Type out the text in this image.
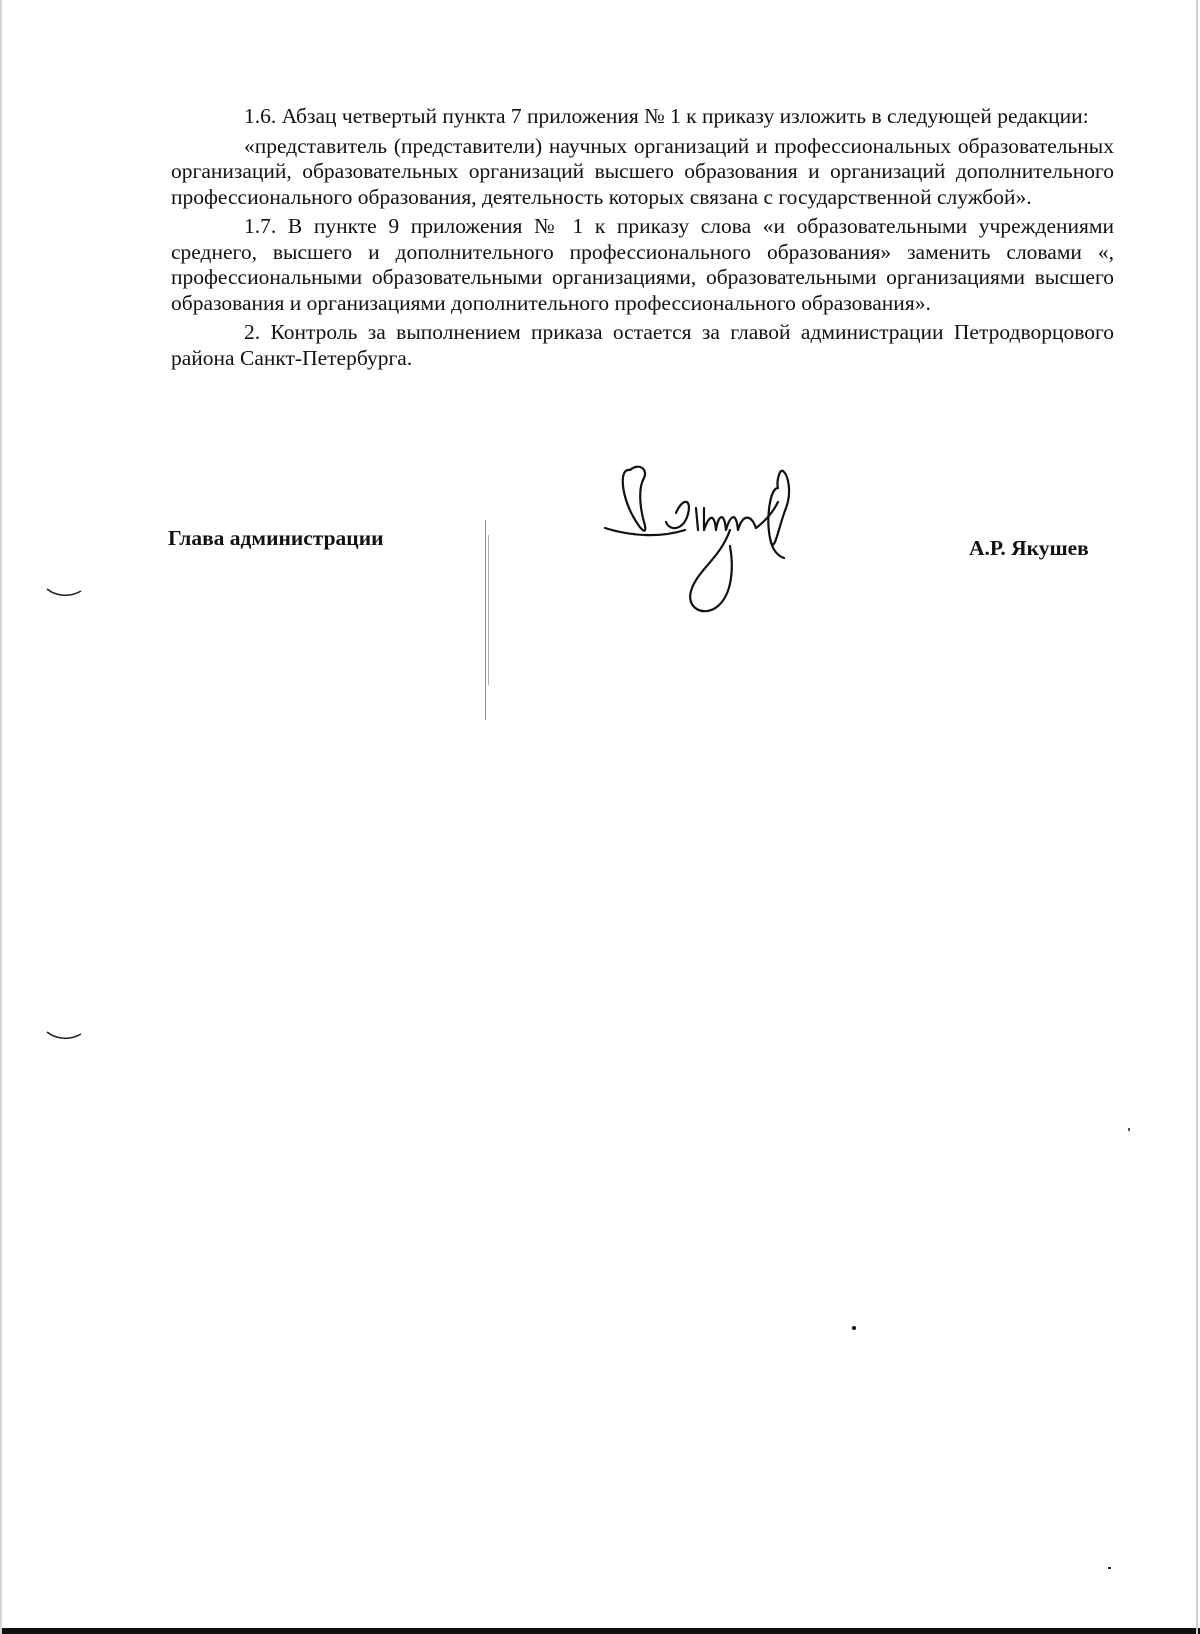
1.6. Абзац четвертый пункта 7 приложения № 1 к приказу изложить в следующей редакции:

«представитель (представители) научных организаций и профессиональных образовательных организаций, образовательных организаций высшего образования и организаций дополнительного профессионального образования, деятельность которых связана с государственной службой».

1.7. В пункте 9 приложения № 1 к приказу слова «и образовательными учреждениями среднего, высшего и дополнительного профессионального образования» заменить словами «, профессиональными образовательными организациями, образовательными организациями высшего образования и организациями дополнительного профессионального образования».

2. Контроль за выполнением приказа остается за главой администрации Петродворцового района Санкт-Петербурга.

Глава администрации	А.Р. Якушев
